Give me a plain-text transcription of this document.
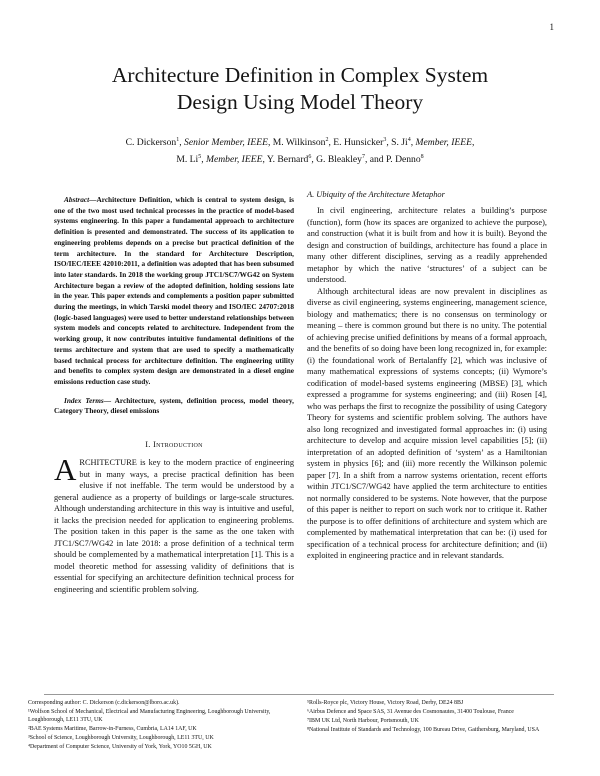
1
Architecture Definition in Complex System
Design Using Model Theory
C. Dickerson$^1$, Senior Member, IEEE, M. Wilkinson$^2$, E. Hunsicker$^3$, S. Ji$^4$, Member, IEEE,
M. Li$^5$, Member, IEEE, Y. Bernard$^6$, G. Bleakley$^7$, and P. Denno$^8$

Abstract—Architecture Definition, which is central to system design, is one of the two most used technical processes in the practice of model-based systems engineering. In this paper a fundamental approach to architecture definition is presented and demonstrated. The success of its application to engineering problems depends on a precise but practical definition of the term architecture. In the standard for Architecture Description, ISO/IEC/IEEE 42010:2011, a definition was adopted that has been subsumed into later standards. In 2018 the working group JTC1/SC7/WG42 on System Architecture began a review of the adopted definition, holding sessions late in the year. This paper extends and complements a position paper submitted during the meetings, in which Tarski model theory and ISO/IEC 24707:2018 (logic-based languages) were used to better understand relationships between system models and concepts related to architecture. Independent from the working group, it now contributes intuitive fundamental definitions of the terms architecture and system that are used to specify a mathematically based technical process for architecture definition. The engineering utility and benefits to complex system design are demonstrated in a diesel engine emissions reduction case study.

Index Terms— Architecture, system, definition process, model theory, Category Theory, diesel emissions

I. Introduction

ARCHITECTURE is key to the modern practice of engineering but in many ways, a precise practical definition has been elusive if not ineffable. The term would be understood by a general audience as a property of buildings or large-scale structures. Although understanding architecture in this way is intuitive and useful, it lacks the precision needed for application to engineering problems. The position taken in this paper is the same as the one taken with JTC1/SC7/WG42 in late 2018: a prose definition of a technical term should be complemented by a mathematical interpretation [1]. This is a model theoretic method for assessing validity of definitions that is essential for specifying an architecture definition technical process for engineering and scientific problem solving.

A. Ubiquity of the Architecture Metaphor

In civil engineering, architecture relates a building’s purpose (function), form (how its spaces are organized to achieve the purpose), and construction (what it is built from and how it is built). Beyond the design and construction of buildings, architecture has found a place in many other different disciplines, serving as a readily apprehended metaphor by which the native ‘structures’ of a subject can be understood.

Although architectural ideas are now prevalent in disciplines as diverse as civil engineering, systems engineering, management science, biology and mathematics; there is no consensus on terminology or meaning – there is common ground but there is no unity. The potential of achieving precise unified definitions by means of a formal approach, and the benefits of so doing have been long recognized in, for example: (i) the foundational work of Bertalanffy [2], which was inclusive of many mathematical expressions of systems concepts; (ii) Wymore’s codification of model-based systems engineering (MBSE) [3], which expressed a programme for systems engineering; and (iii) Rosen [4], who was perhaps the first to recognize the possibility of using Category Theory for systems and scientific problem solving. The authors have also long recognized and investigated formal approaches in: (i) using architecture to develop and acquire mission level capabilities [5]; (ii) interpretation of an adopted definition of ‘system’ as a Hamiltonian system in physics [6]; and (iii) more recently the Wilkinson polemic paper [7]. In a shift from a narrow systems orientation, recent efforts within JTC1/SC7/WG42 have applied the term architecture to entities not normally considered to be systems. Note however, that the purpose of this paper is neither to report on such work nor to critique it. Rather the purpose is to offer definitions of architecture and system which are complemented by mathematical interpretation that can be: (i) used for specification of a technical process for architecture definition; and (ii) exploited in engineering practice and in relevant standards.

Corresponding author: C. Dickerson (c.dickerson@lboro.ac.uk).

¹Wolfson School of Mechanical, Electrical and Manufacturing Engineering, Loughborough University, Loughborough, LE11 3TU, UK

²BAE Systems Maritime, Barrow-in-Furness, Cumbria, LA14 1AF, UK

³School of Science, Loughborough University, Loughborough, LE11 3TU, UK

⁴Department of Computer Science, University of York, York, YO10 5GH, UK

⁵Rolls-Royce plc, Victory House, Victory Road, Derby, DE24 8BJ

⁶Airbus Defence and Space SAS, 31 Avenue des Cosmonautes, 31400 Toulouse, France

⁷IBM UK Ltd, North Harbour, Portsmouth, UK

⁸National Institute of Standards and Technology, 100 Bureau Drive, Gaithersburg, Maryland, USA
